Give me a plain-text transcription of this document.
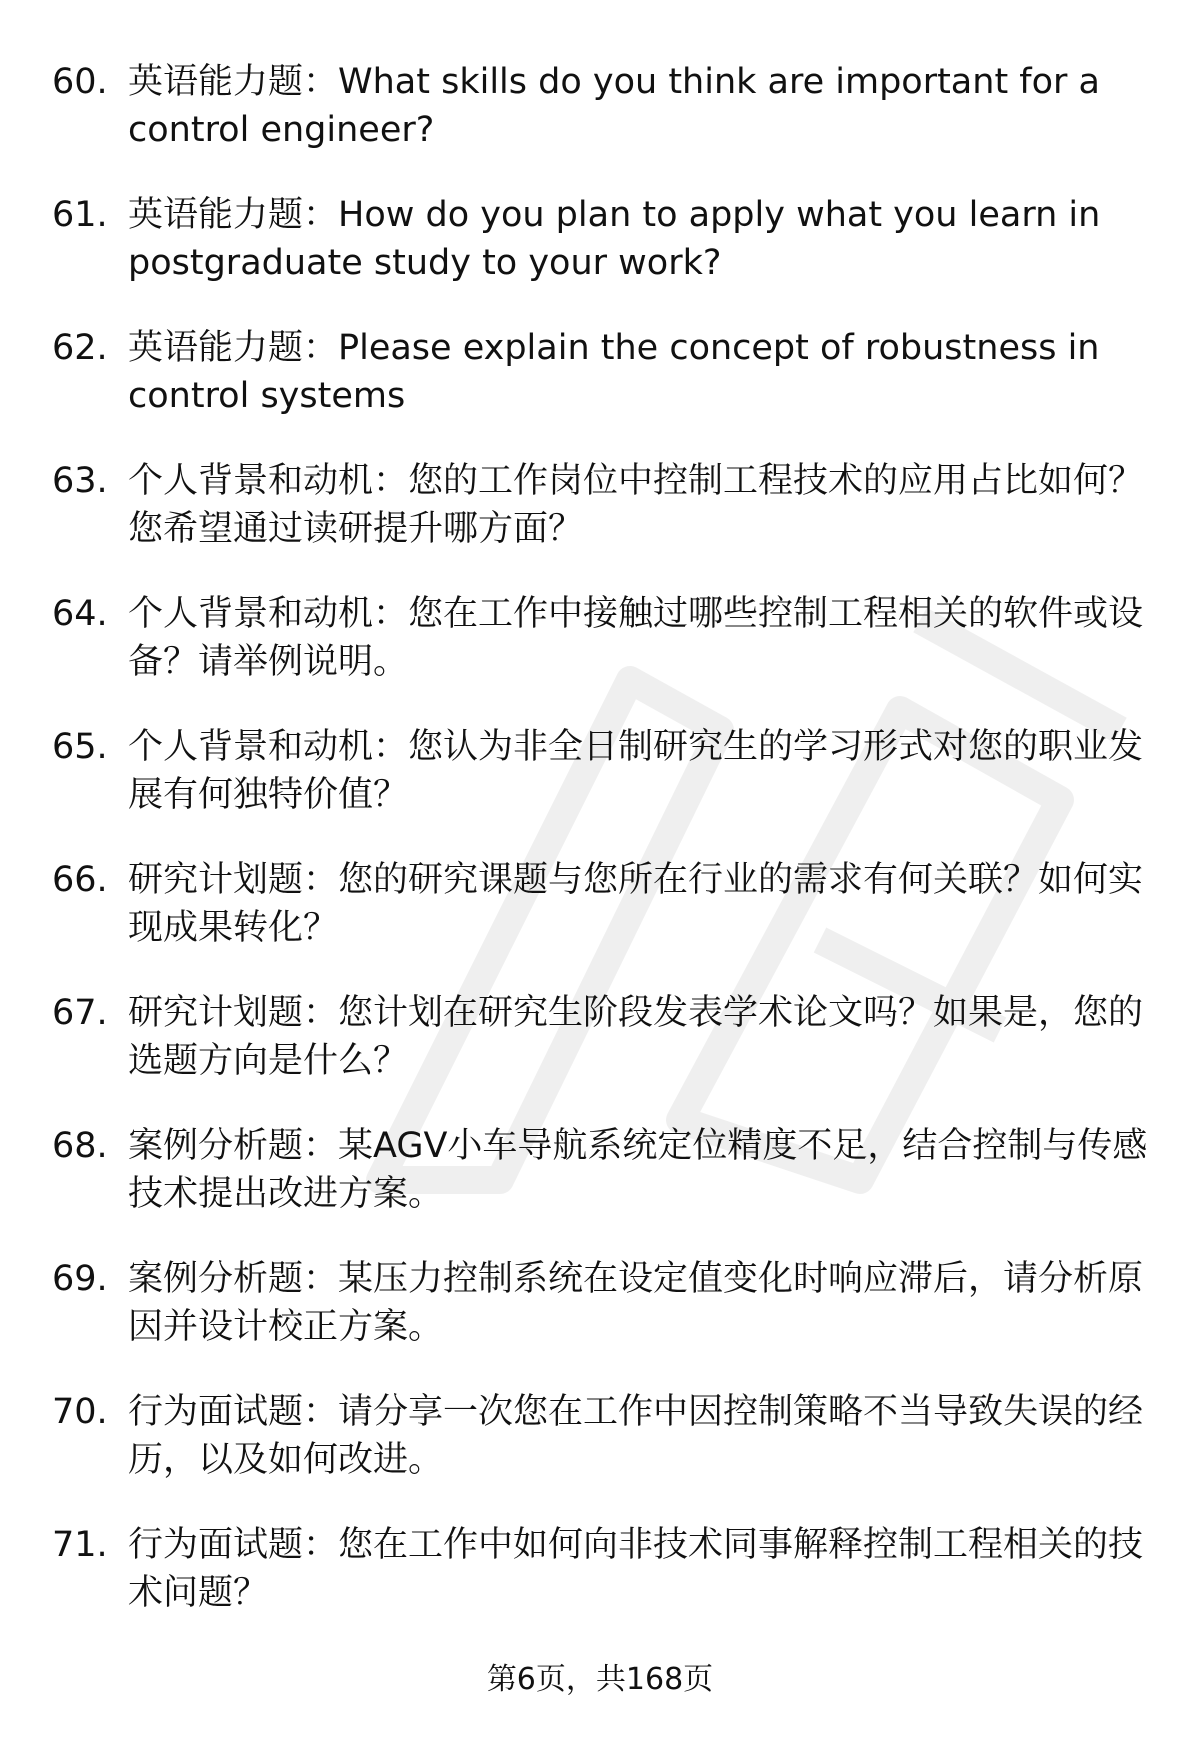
60. 英语能力题：What skills do you think are important for a control engineer?
61. 英语能力题：How do you plan to apply what you learn in postgraduate study to your work?
62. 英语能力题：Please explain the concept of robustness in control systems
63. 个人背景和动机：您的工作岗位中控制工程技术的应用占比如何？您希望通过读研提升哪方面？
64. 个人背景和动机：您在工作中接触过哪些控制工程相关的软件或设备？请举例说明。
65. 个人背景和动机：您认为非全日制研究生的学习形式对您的职业发展有何独特价值？
66. 研究计划题：您的研究课题与您所在行业的需求有何关联？如何实现成果转化？
67. 研究计划题：您计划在研究生阶段发表学术论文吗？如果是，您的选题方向是什么？
68. 案例分析题：某AGV小车导航系统定位精度不足，结合控制与传感技术提出改进方案。
69. 案例分析题：某压力控制系统在设定值变化时响应滞后，请分析原因并设计校正方案。
70. 行为面试题：请分享一次您在工作中因控制策略不当导致失误的经历，以及如何改进。
71. 行为面试题：您在工作中如何向非技术同事解释控制工程相关的技术问题？
第6页，共168页
